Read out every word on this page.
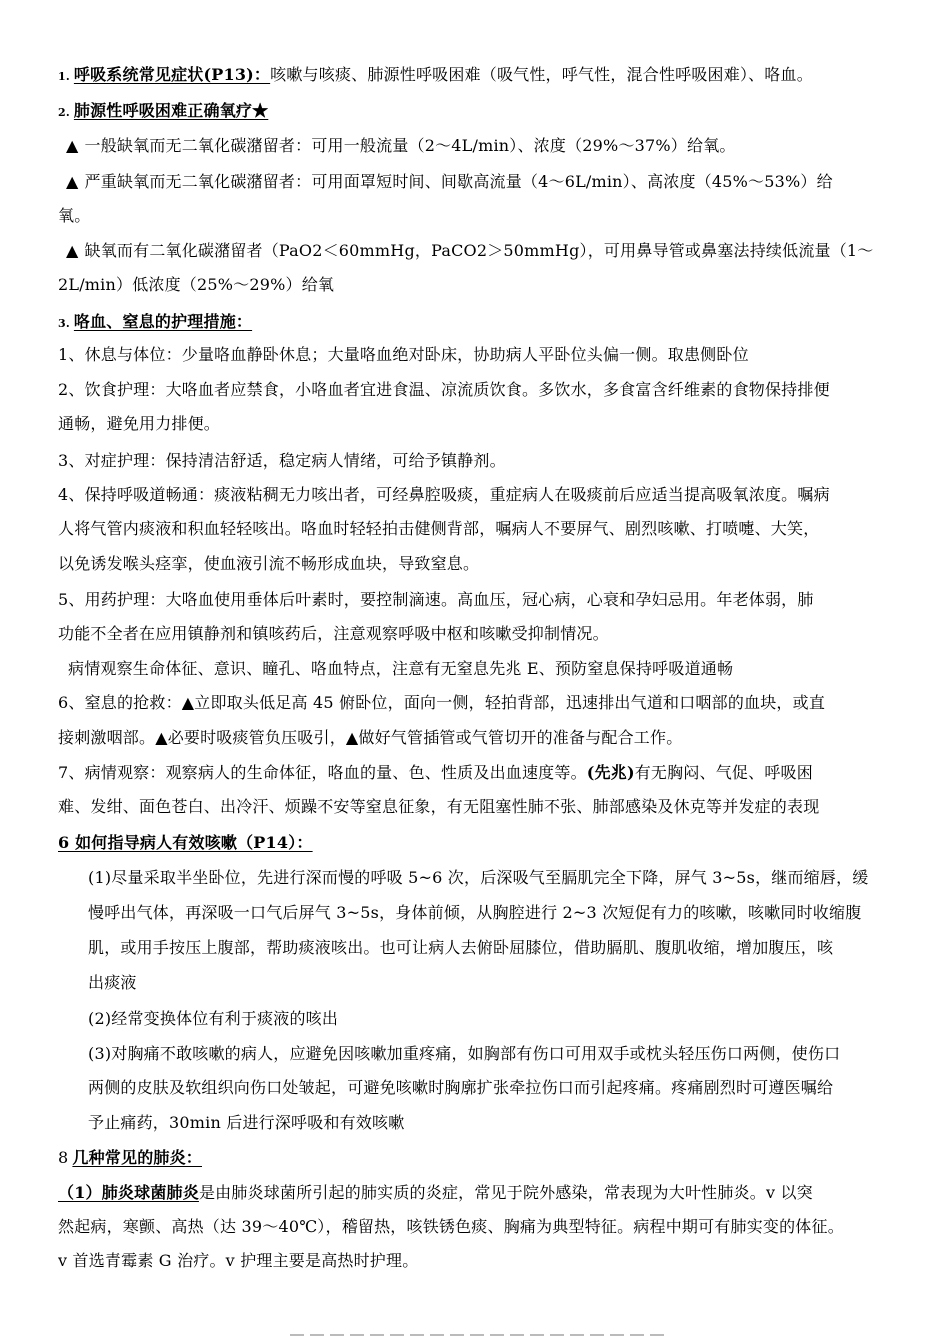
1. 呼吸系统常见症状(P13)：咳嗽与咳痰、肺源性呼吸困难（吸气性，呼气性，混合性呼吸困难）、咯血。
2. 肺源性呼吸困难正确氧疗★
▲ 一般缺氧而无二氧化碳潴留者：可用一般流量（2～4L/min）、浓度（29%～37%）给氧。
▲ 严重缺氧而无二氧化碳潴留者：可用面罩短时间、间歇高流量（4～6L/min）、高浓度（45%～53%）给
氧。
▲ 缺氧而有二氧化碳潴留者（PaO2＜60mmHg，PaCO2＞50mmHg），可用鼻导管或鼻塞法持续低流量（1～
2L/min）低浓度（25%～29%）给氧
3. 咯血、窒息的护理措施：
1、休息与体位：少量咯血静卧休息；大量咯血绝对卧床，协助病人平卧位头偏一侧。取患侧卧位
2、饮食护理：大咯血者应禁食，小咯血者宜进食温、凉流质饮食。多饮水，多食富含纤维素的食物保持排便
通畅，避免用力排便。
3、对症护理：保持清洁舒适，稳定病人情绪，可给予镇静剂。
4、保持呼吸道畅通：痰液粘稠无力咳出者，可经鼻腔吸痰，重症病人在吸痰前后应适当提高吸氧浓度。嘱病
人将气管内痰液和积血轻轻咳出。咯血时轻轻拍击健侧背部，嘱病人不要屏气、剧烈咳嗽、打喷嚏、大笑，
以免诱发喉头痉挛，使血液引流不畅形成血块，导致窒息。
5、用药护理：大咯血使用垂体后叶素时，要控制滴速。高血压，冠心病，心衰和孕妇忌用。年老体弱，肺
功能不全者在应用镇静剂和镇咳药后，注意观察呼吸中枢和咳嗽受抑制情况。
病情观察生命体征、意识、瞳孔、咯血特点，注意有无窒息先兆 E、预防窒息保持呼吸道通畅
6、窒息的抢救：▲立即取头低足高 45 俯卧位，面向一侧，轻拍背部，迅速排出气道和口咽部的血块，或直
接刺激咽部。▲必要时吸痰管负压吸引，▲做好气管插管或气管切开的准备与配合工作。
7、病情观察：观察病人的生命体征，咯血的量、色、性质及出血速度等。(先兆)有无胸闷、气促、呼吸困
难、发绀、面色苍白、出冷汗、烦躁不安等窒息征象，有无阻塞性肺不张、肺部感染及休克等并发症的表现
6 如何指导病人有效咳嗽（P14）：
(1)尽量采取半坐卧位，先进行深而慢的呼吸 5~6 次，后深吸气至膈肌完全下降，屏气 3~5s，继而缩唇，缓
慢呼出气体，再深吸一口气后屏气 3~5s，身体前倾，从胸腔进行 2~3 次短促有力的咳嗽，咳嗽同时收缩腹
肌，或用手按压上腹部，帮助痰液咳出。也可让病人去俯卧屈膝位，借助膈肌、腹肌收缩，增加腹压，咳
出痰液
(2)经常变换体位有利于痰液的咳出
(3)对胸痛不敢咳嗽的病人，应避免因咳嗽加重疼痛，如胸部有伤口可用双手或枕头轻压伤口两侧，使伤口
两侧的皮肤及软组织向伤口处皱起，可避免咳嗽时胸廓扩张牵拉伤口而引起疼痛。疼痛剧烈时可遵医嘱给
予止痛药，30min 后进行深呼吸和有效咳嗽
8 几种常见的肺炎：
（1）肺炎球菌肺炎是由肺炎球菌所引起的肺实质的炎症，常见于院外感染，常表现为大叶性肺炎。v 以突
然起病，寒颤、高热（达 39～40℃），稽留热，咳铁锈色痰、胸痛为典型特征。病程中期可有肺实变的体征。
v 首选青霉素 G 治疗。v 护理主要是高热时护理。
